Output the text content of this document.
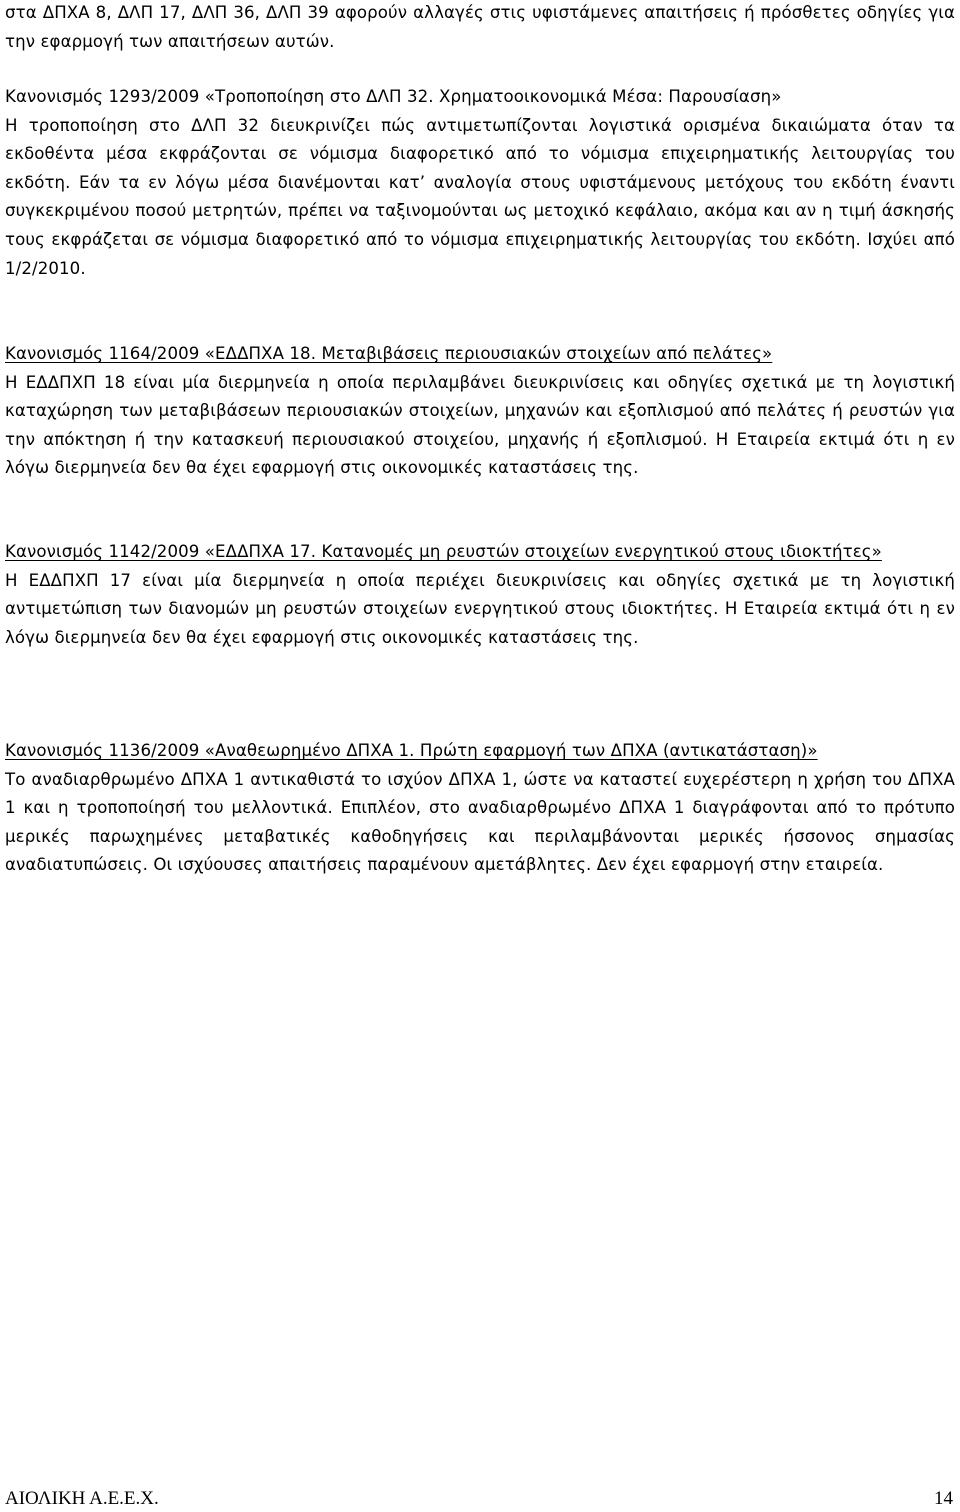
στα ΔΠΧΑ 8, ΔΛΠ 17, ΔΛΠ 36, ΔΛΠ 39 αφορούν αλλαγές στις υφιστάμενες απαιτήσεις ή πρόσθετες οδηγίες για την εφαρμογή των απαιτήσεων αυτών.

Κανονισμός 1293/2009 «Τροποποίηση στο ΔΛΠ 32. Χρηματοοικονομικά Μέσα: Παρουσίαση»
Η τροποποίηση στο ΔΛΠ 32 διευκρινίζει πώς αντιμετωπίζονται λογιστικά ορισμένα δικαιώματα όταν τα εκδοθέντα μέσα εκφράζονται σε νόμισμα διαφορετικό από το νόμισμα επιχειρηματικής λειτουργίας του εκδότη. Εάν τα εν λόγω μέσα διανέμονται κατ’ αναλογία στους υφιστάμενους μετόχους του εκδότη έναντι συγκεκριμένου ποσού μετρητών, πρέπει να ταξινομούνται ως μετοχικό κεφάλαιο, ακόμα και αν η τιμή άσκησής τους εκφράζεται σε νόμισμα διαφορετικό από το νόμισμα επιχειρηματικής λειτουργίας του εκδότη. Ισχύει από 1/2/2010.

Κανονισμός 1164/2009 «ΕΔΔΠΧΑ 18. Μεταβιβάσεις περιουσιακών στοιχείων από πελάτες»
Η ΕΔΔΠΧΠ 18 είναι μία διερμηνεία η οποία περιλαμβάνει διευκρινίσεις και οδηγίες σχετικά με τη λογιστική καταχώρηση των μεταβιβάσεων περιουσιακών στοιχείων, μηχανών και εξοπλισμού από πελάτες ή ρευστών για την απόκτηση ή την κατασκευή περιουσιακού στοιχείου, μηχανής ή εξοπλισμού. Η Εταιρεία εκτιμά ότι η εν λόγω διερμηνεία δεν θα έχει εφαρμογή στις οικονομικές καταστάσεις της.

Κανονισμός 1142/2009 «ΕΔΔΠΧΑ 17. Κατανομές μη ρευστών στοιχείων ενεργητικού στους ιδιοκτήτες»
Η ΕΔΔΠΧΠ 17 είναι μία διερμηνεία η οποία περιέχει διευκρινίσεις και οδηγίες σχετικά με τη λογιστική αντιμετώπιση των διανομών μη ρευστών στοιχείων ενεργητικού στους ιδιοκτήτες. Η Εταιρεία εκτιμά ότι η εν λόγω διερμηνεία δεν θα έχει εφαρμογή στις οικονομικές καταστάσεις της.

Κανονισμός 1136/2009 «Αναθεωρημένο ΔΠΧΑ 1. Πρώτη εφαρμογή των ΔΠΧΑ (αντικατάσταση)»
Το αναδιαρθρωμένο ΔΠΧΑ 1 αντικαθιστά το ισχύον ΔΠΧΑ 1, ώστε να καταστεί ευχερέστερη η χρήση του ΔΠΧΑ 1 και η τροποποίησή του μελλοντικά. Επιπλέον, στο αναδιαρθρωμένο ΔΠΧΑ 1 διαγράφονται από το πρότυπο μερικές παρωχημένες μεταβατικές καθοδηγήσεις και περιλαμβάνονται μερικές ήσσονος σημασίας αναδιατυπώσεις. Οι ισχύουσες απαιτήσεις παραμένουν αμετάβλητες. Δεν έχει εφαρμογή στην εταιρεία.

ΑΙΟΛΙΚΗ Α.Ε.Ε.Χ.	14
